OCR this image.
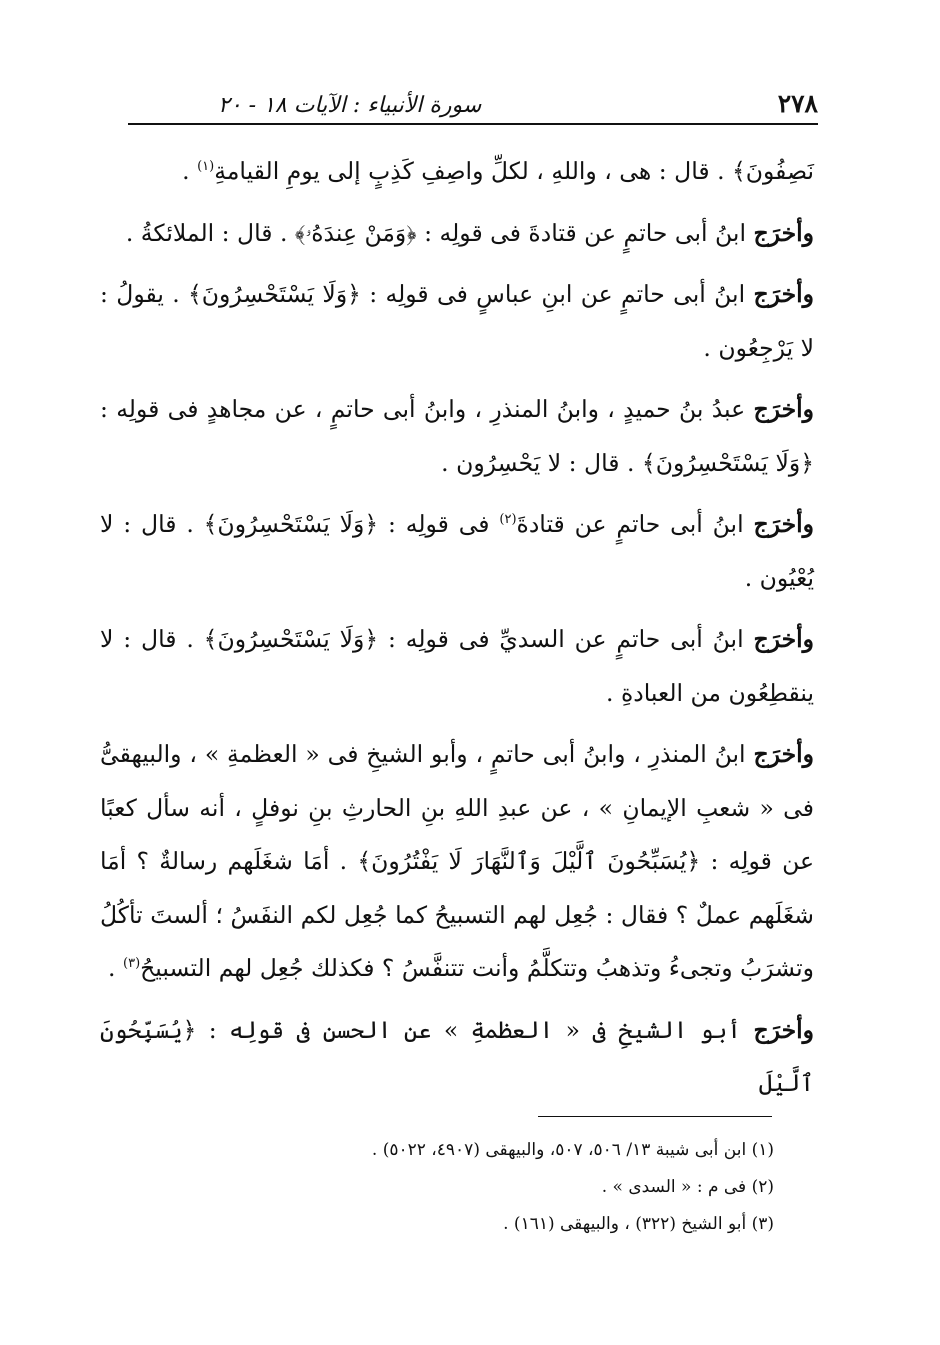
٢٧٨
سورة الأنبياء : الآيات ١٨ - ٢٠

نَصِفُونَ﴾ . قال : هى ، واللهِ ، لكلِّ واصِفِ كَذِبٍ إلى يومِ القيامةِ$^{(١)}$ .

وأخرَج ابنُ أبى حاتمٍ عن قتادةَ فى قولِه : ﴿وَمَنْ عِندَهُۥ﴾ . قال : الملائكةُ .

وأخرَج ابنُ أبى حاتمٍ عن ابنِ عباسٍ فى قولِه : ﴿وَلَا يَسْتَحْسِرُونَ﴾ . يقولُ : لا يَرْجِعُون .

وأخرَج عبدُ بنُ حميدٍ ، وابنُ المنذرِ ، وابنُ أبى حاتمٍ ، عن مجاهدٍ فى قولِه : ﴿وَلَا يَسْتَحْسِرُونَ﴾ . قال : لا يَحْسِرُون .

وأخرَج ابنُ أبى حاتمٍ عن قتادةَ$^{(٢)}$ فى قولِه : ﴿وَلَا يَسْتَحْسِرُونَ﴾ . قال : لا يُعْيُون .

وأخرَج ابنُ أبى حاتمٍ عن السديِّ فى قولِه : ﴿وَلَا يَسْتَحْسِرُونَ﴾ . قال : لا ينقطِعُون من العبادةِ .

وأخرَج ابنُ المنذرِ ، وابنُ أبى حاتمٍ ، وأبو الشيخِ فى « العظمةِ » ، والبيهقىُّ فى « شعبِ الإيمانِ » ، عن عبدِ اللهِ بنِ الحارثِ بنِ نوفلٍ ، أنه سأل كعبًا عن قولِه : ﴿يُسَبِّحُونَ ٱلَّيْلَ وَٱلنَّهَارَ لَا يَفْتُرُونَ﴾ . أمَا شغَلَهم رسالةٌ ؟ أمَا شغَلَهم عملٌ ؟ فقال : جُعِل لهم التسبيحُ كما جُعِل لكم النفَسُ ؛ ألستَ تأكُلُ وتشرَبُ وتجىءُ وتذهبُ وتتكلَّمُ وأنت تتنفَّسُ ؟ فكذلك جُعِل لهم التسبيحُ$^{(٣)}$ .

وأخرَج أبو الشيخِ فى « العظمةِ » عن الحسنِ فى قولِه : ﴿يُسَبِّحُونَ ٱلَّيْلَ

(١) ابن أبى شيبة ١٣/ ٥٠٦، ٥٠٧، والبيهقى (٤٩٠٧، ٥٠٢٢) .

(٢) فى م : « السدى » .

(٣) أبو الشيخ (٣٢٢) ، والبيهقى (١٦١) .
